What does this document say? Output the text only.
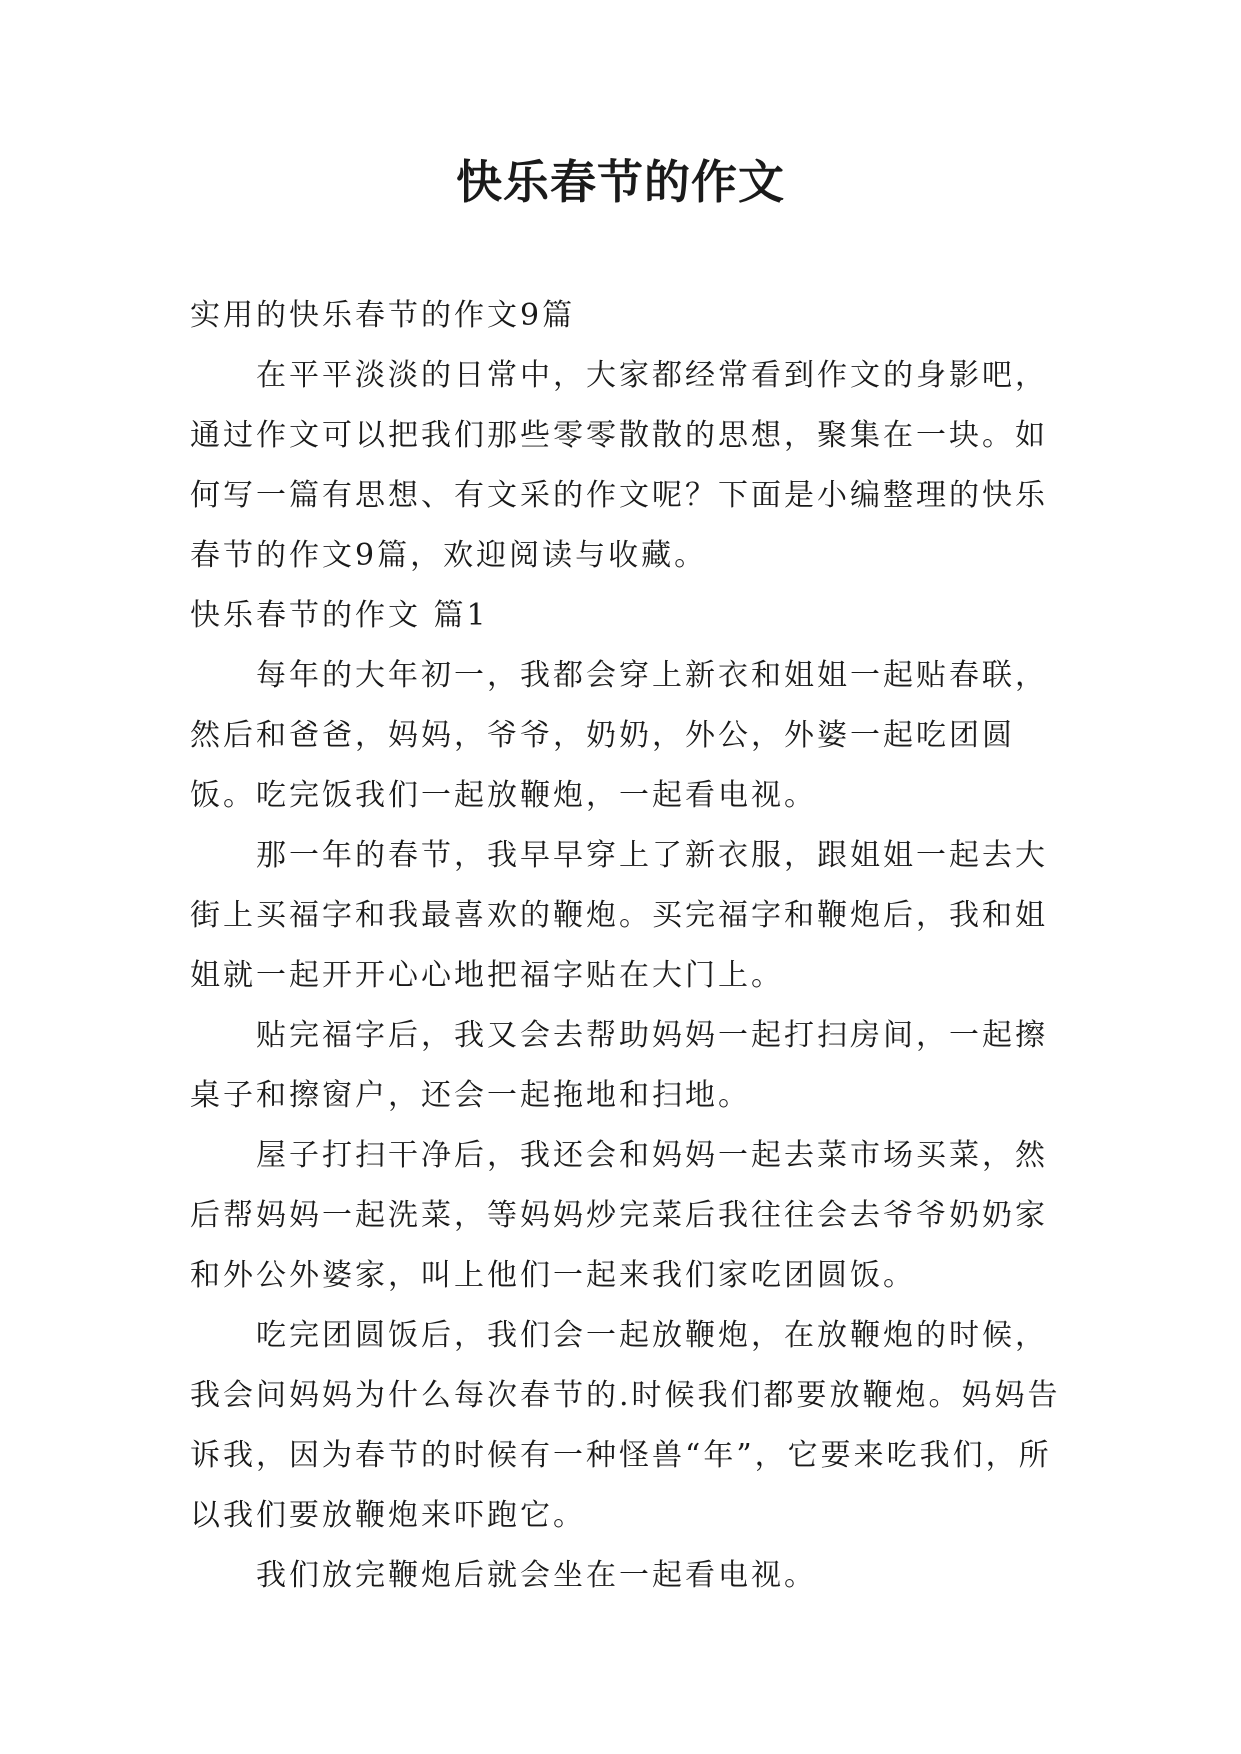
快乐春节的作文

实用的快乐春节的作文9篇

在平平淡淡的日常中，大家都经常看到作文的身影吧，通过作文可以把我们那些零零散散的思想，聚集在一块。如何写一篇有思想、有文采的作文呢？下面是小编整理的快乐春节的作文9篇，欢迎阅读与收藏。

快乐春节的作文 篇1

每年的大年初一，我都会穿上新衣和姐姐一起贴春联，然后和爸爸，妈妈，爷爷，奶奶，外公，外婆一起吃团圆饭。吃完饭我们一起放鞭炮，一起看电视。

那一年的春节，我早早穿上了新衣服，跟姐姐一起去大街上买福字和我最喜欢的鞭炮。买完福字和鞭炮后，我和姐姐就一起开开心心地把福字贴在大门上。

贴完福字后，我又会去帮助妈妈一起打扫房间，一起擦桌子和擦窗户，还会一起拖地和扫地。

屋子打扫干净后，我还会和妈妈一起去菜市场买菜，然后帮妈妈一起洗菜，等妈妈炒完菜后我往往会去爷爷奶奶家和外公外婆家，叫上他们一起来我们家吃团圆饭。

吃完团圆饭后，我们会一起放鞭炮，在放鞭炮的时候，我会问妈妈为什么每次春节的.时候我们都要放鞭炮。妈妈告诉我，因为春节的时候有一种怪兽“年”，它要来吃我们，所以我们要放鞭炮来吓跑它。

我们放完鞭炮后就会坐在一起看电视。
